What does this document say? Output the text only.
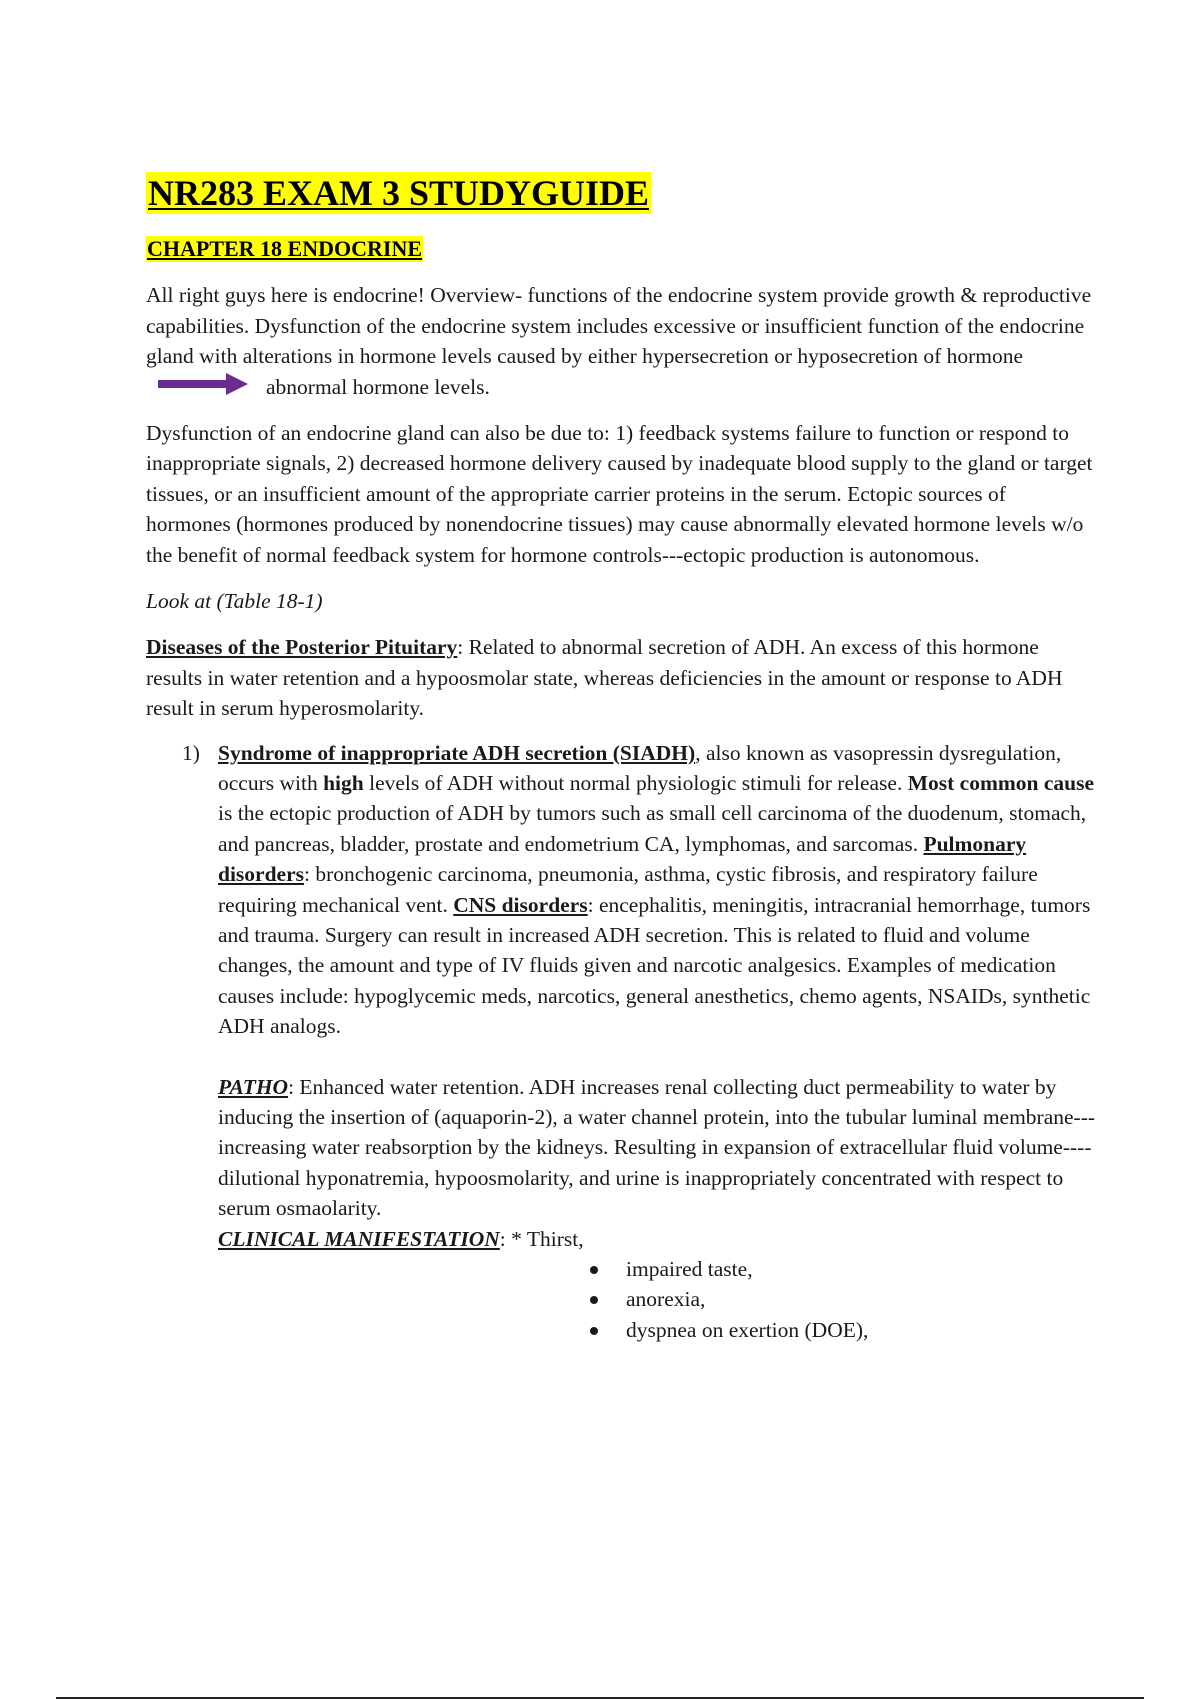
NR283 EXAM 3 STUDYGUIDE
CHAPTER 18 ENDOCRINE

All right guys here is endocrine! Overview- functions of the endocrine system provide growth & reproductive capabilities. Dysfunction of the endocrine system includes excessive or insufficient function of the endocrine gland with alterations in hormone levels caused by either hypersecretion or hyposecretion of hormoneabnormal hormone levels.

Dysfunction of an endocrine gland can also be due to: 1) feedback systems failure to function or respond to inappropriate signals, 2) decreased hormone delivery caused by inadequate blood supply to the gland or target tissues, or an insufficient amount of the appropriate carrier proteins in the serum. Ectopic sources of hormones (hormones produced by nonendocrine tissues) may cause abnormally elevated hormone levels w/o the benefit of normal feedback system for hormone controls---ectopic production is autonomous.

Look at (Table 18-1)

Diseases of the Posterior Pituitary: Related to abnormal secretion of ADH. An excess of this hormone results in water retention and a hypoosmolar state, whereas deficiencies in the amount or response to ADH result in serum hyperosmolarity.

1) Syndrome of inappropriate ADH secretion (SIADH), also known as vasopressin dysregulation, occurs with high levels of ADH without normal physiologic stimuli for release. Most common cause is the ectopic production of ADH by tumors such as small cell carcinoma of the duodenum, stomach, and pancreas, bladder, prostate and endometrium CA, lymphomas, and sarcomas. Pulmonary disorders: bronchogenic carcinoma, pneumonia, asthma, cystic fibrosis, and respiratory failure requiring mechanical vent. CNS disorders: encephalitis, meningitis, intracranial hemorrhage, tumors and trauma. Surgery can result in increased ADH secretion. This is related to fluid and volume changes, the amount and type of IV fluids given and narcotic analgesics. Examples of medication causes include: hypoglycemic meds, narcotics, general anesthetics, chemo agents, NSAIDs, synthetic ADH analogs.
PATHO: Enhanced water retention. ADH increases renal collecting duct permeability to water by inducing the insertion of (aquaporin-2), a water channel protein, into the tubular luminal membrane---increasing water reabsorption by the kidneys. Resulting in expansion of extracellular fluid volume----dilutional hyponatremia, hypoosmolarity, and urine is inappropriately concentrated with respect to serum osmaolarity.
CLINICAL MANIFESTATION: * Thirst,
impaired taste,
anorexia,
dyspnea on exertion (DOE),
